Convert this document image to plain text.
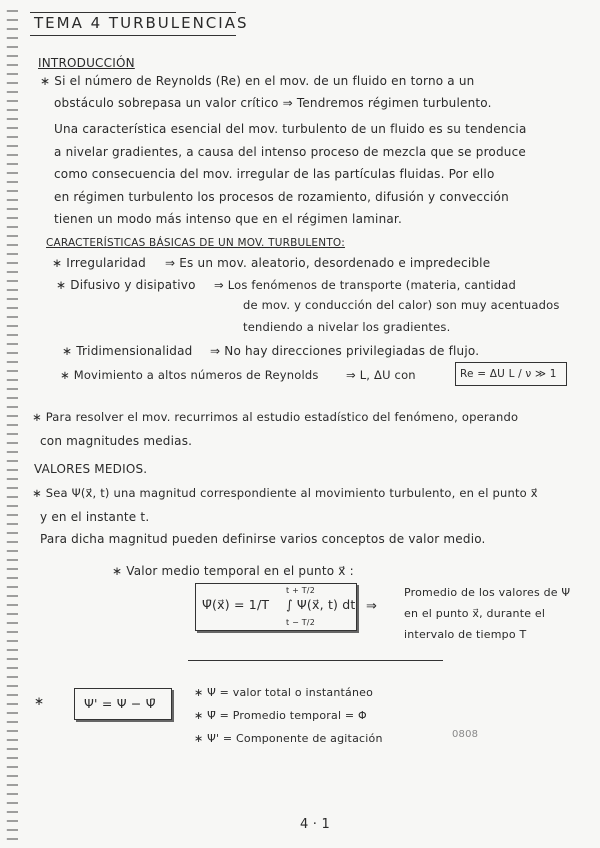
TEMA 4 TURBULENCIAS
INTRODUCCIÓN
∗ Si el número de Reynolds (Re) en el mov. de un fluido en torno a un
obstáculo sobrepasa un valor crítico ⇒ Tendremos régimen turbulento.
Una característica esencial del mov. turbulento de un fluido es su tendencia
a nivelar gradientes, a causa del intenso proceso de mezcla que se produce
como consecuencia del mov. irregular de las partículas fluidas. Por ello
en régimen turbulento los procesos de rozamiento, difusión y convección
tienen un modo más intenso que en el régimen laminar.
CARACTERÍSTICAS BÁSICAS DE UN MOV. TURBULENTO:
∗ Irregularidad ⇒ Es un mov. aleatorio, desordenado e impredecible
∗ Difusivo y disipativo ⇒ Los fenómenos de transporte (materia, cantidad
de mov. y conducción del calor) son muy acentuados
tendiendo a nivelar los gradientes.
∗ Tridimensionalidad ⇒ No hay direcciones privilegiadas de flujo.
∗ Movimiento a altos números de Reynolds ⇒ L, ΔU con	Re = ΔU L / ν ≫ 1
∗ Para resolver el mov. recurrimos al estudio estadístico del fenómeno, operando
con magnitudes medias.
VALORES MEDIOS.
∗ Sea Ψ(x⃗, t) una magnitud correspondiente al movimiento turbulento, en el punto x⃗
y en el instante t.
Para dicha magnitud pueden definirse varios conceptos de valor medio.
∗ Valor medio temporal en el punto x⃗ :
Ψ̄(x⃗) = 1/T ∫ Ψ(x⃗, t) dt
t + T/2
t − T/2
⇒
Promedio de los valores de Ψ
en el punto x⃗, durante el
intervalo de tiempo T
∗	Ψ' = Ψ − Ψ̄
∗ Ψ = valor total o instantáneo
∗ Ψ̄ = Promedio temporal = Φ
∗ Ψ' = Componente de agitación	0808
4 · 1
